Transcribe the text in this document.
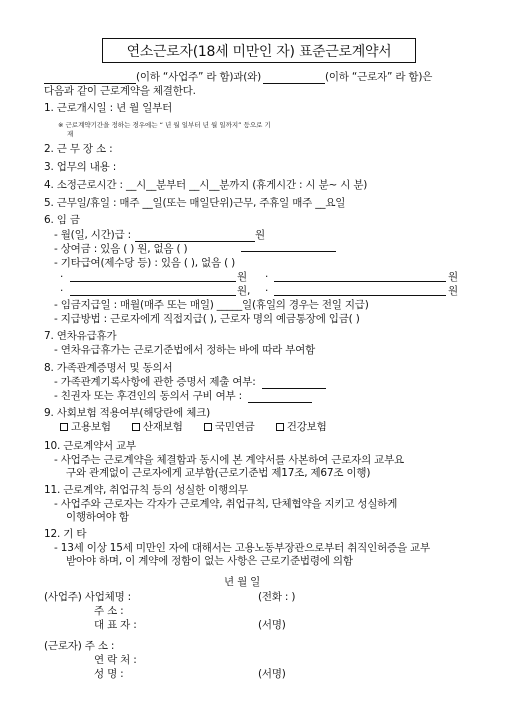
연소근로자(18세 미만인 자) 표준근로계약서
(이하 “사업주” 라 함)과(와)	(이하 “근로자” 라 함)은
다음과 같이 근로계약을 체결한다.
1. 근로개시일 : 년 월 일부터
※ 근로계약기간을 정하는 경우에는 “ 년 월 일부터 년 월 일까지” 등으로 기
재
2. 근 무 장 소 :
3. 업무의 내용 :
4. 소정근로시간 : __시__분부터 __시__분까지 (휴게시간 : 시 분~ 시 분)
5. 근무일/휴일 : 매주 __일(또는 매일단위)근무, 주휴일 매주 __요일
6. 임 금
- 월(일, 시간)급 :	원
- 상여금 : 있음 ( ) 원, 없음 ( )
- 기타급여(제수당 등) : 있음 ( ), 없음 ( )
·	원 ·	원
·	원, ·	원
- 임금지급일 : 매월(매주 또는 매일) _____일(휴일의 경우는 전일 지급)
- 지급방법 : 근로자에게 직접지급( ), 근로자 명의 예금통장에 입금( )
7. 연차유급휴가
- 연차유급휴가는 근로기준법에서 정하는 바에 따라 부여함
8. 가족관계증명서 및 동의서
- 가족관계기록사항에 관한 증명서 제출 여부:
- 친권자 또는 후견인의 동의서 구비 여부 :
9. 사회보험 적용여부(해당란에 체크)
고용보험	산재보험	국민연금	건강보험
10. 근로계약서 교부
- 사업주는 근로계약을 체결함과 동시에 본 계약서를 사본하여 근로자의 교부요
구와 관계없이 근로자에게 교부함(근로기준법 제17조, 제67조 이행)
11. 근로계약, 취업규칙 등의 성실한 이행의무
- 사업주와 근로자는 각자가 근로계약, 취업규칙, 단체협약을 지키고 성실하게
이행하여야 함
12. 기 타
- 13세 이상 15세 미만인 자에 대해서는 고용노동부장관으로부터 취직인허증을 교부
받아야 하며, 이 계약에 정함이 없는 사항은 근로기준법령에 의함
년 월 일
(사업주) 사업체명 :	(전화 : )
주 소 :
대 표 자 :	(서명)
(근로자) 주 소 :
연 락 처 :
성 명 :	(서명)
